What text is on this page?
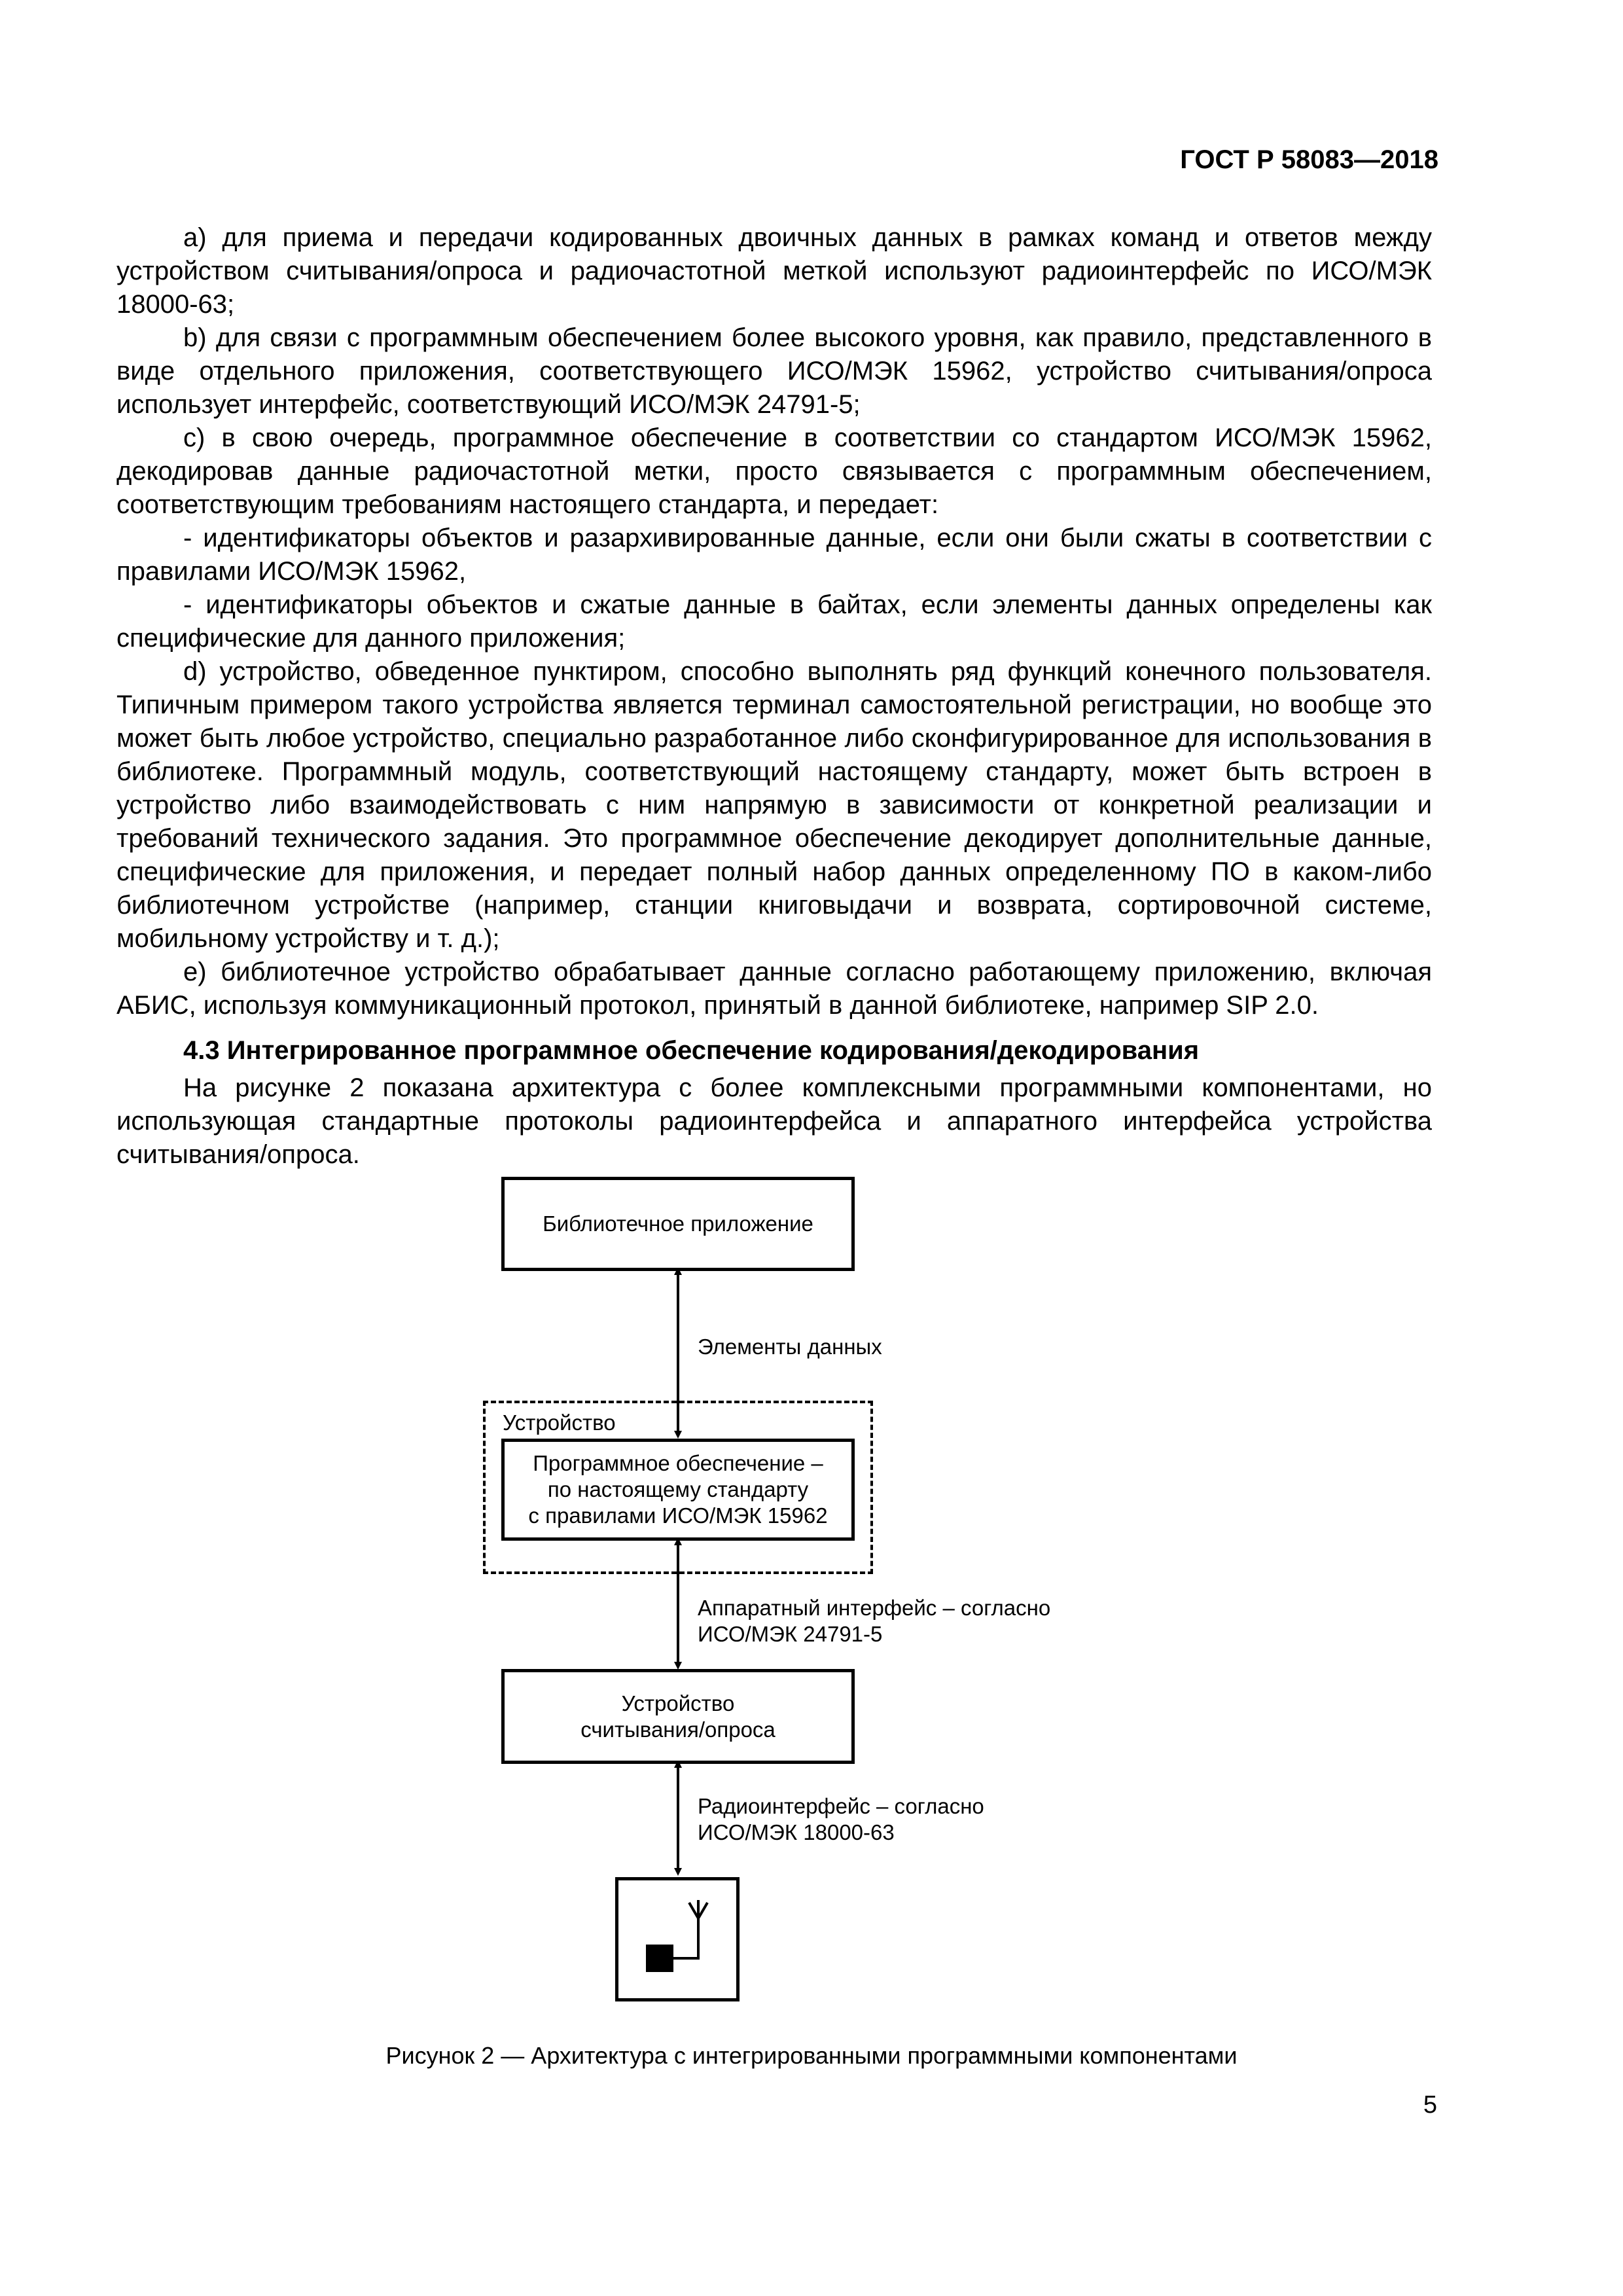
ГОСТ Р 58083—2018

a) для приема и передачи кодированных двоичных данных в рамках команд и ответов между устройством считывания/опроса и радиочастотной меткой используют радиоинтерфейс по ИСО/МЭК 18000-63;

b) для связи с программным обеспечением более высокого уровня, как правило, представленного в виде отдельного приложения, соответствующего ИСО/МЭК 15962, устройство считывания/опроса использует интерфейс, соответствующий ИСО/МЭК 24791-5;

c) в свою очередь, программное обеспечение в соответствии со стандартом ИСО/МЭК 15962, декодировав данные радиочастотной метки, просто связывается с программным обеспечением, соответствующим требованиям настоящего стандарта, и передает:

- идентификаторы объектов и разархивированные данные, если они были сжаты в соответствии с правилами ИСО/МЭК 15962,

- идентификаторы объектов и сжатые данные в байтах, если элементы данных определены как специфические для данного приложения;

d) устройство, обведенное пунктиром, способно выполнять ряд функций конечного пользователя. Типичным примером такого устройства является терминал самостоятельной регистрации, но вообще это может быть любое устройство, специально разработанное либо сконфигурированное для использования в библиотеке. Программный модуль, соответствующий настоящему стандарту, может быть встроен в устройство либо взаимодействовать с ним напрямую в зависимости от конкретной реализации и требований технического задания. Это программное обеспечение декодирует дополнительные данные, специфические для приложения, и передает полный набор данных определенному ПО в каком-либо библиотечном устройстве (например, станции книговыдачи и возврата, сортировочной системе, мобильному устройству и т. д.);

e) библиотечное устройство обрабатывает данные согласно работающему приложению, включая АБИС, используя коммуникационный протокол, принятый в данной библиотеке, например SIP 2.0.

4.3 Интегрированное программное обеспечение кодирования/декодирования

На рисунке 2 показана архитектура с более комплексными программными компонентами, но использующая стандартные протоколы радиоинтерфейса и аппаратного интерфейса устройства считывания/опроса.

Библиотечное приложение
Элементы данных
Устройство
Программное обеспечение –
по настоящему стандарту
с правилами ИСО/МЭК 15962
Аппаратный интерфейс – согласно
ИСО/МЭК 24791-5
Устройство
считывания/опроса
Радиоинтерфейс – согласно
ИСО/МЭК 18000-63
Рисунок 2 — Архитектура с интегрированными программными компонентами
5
